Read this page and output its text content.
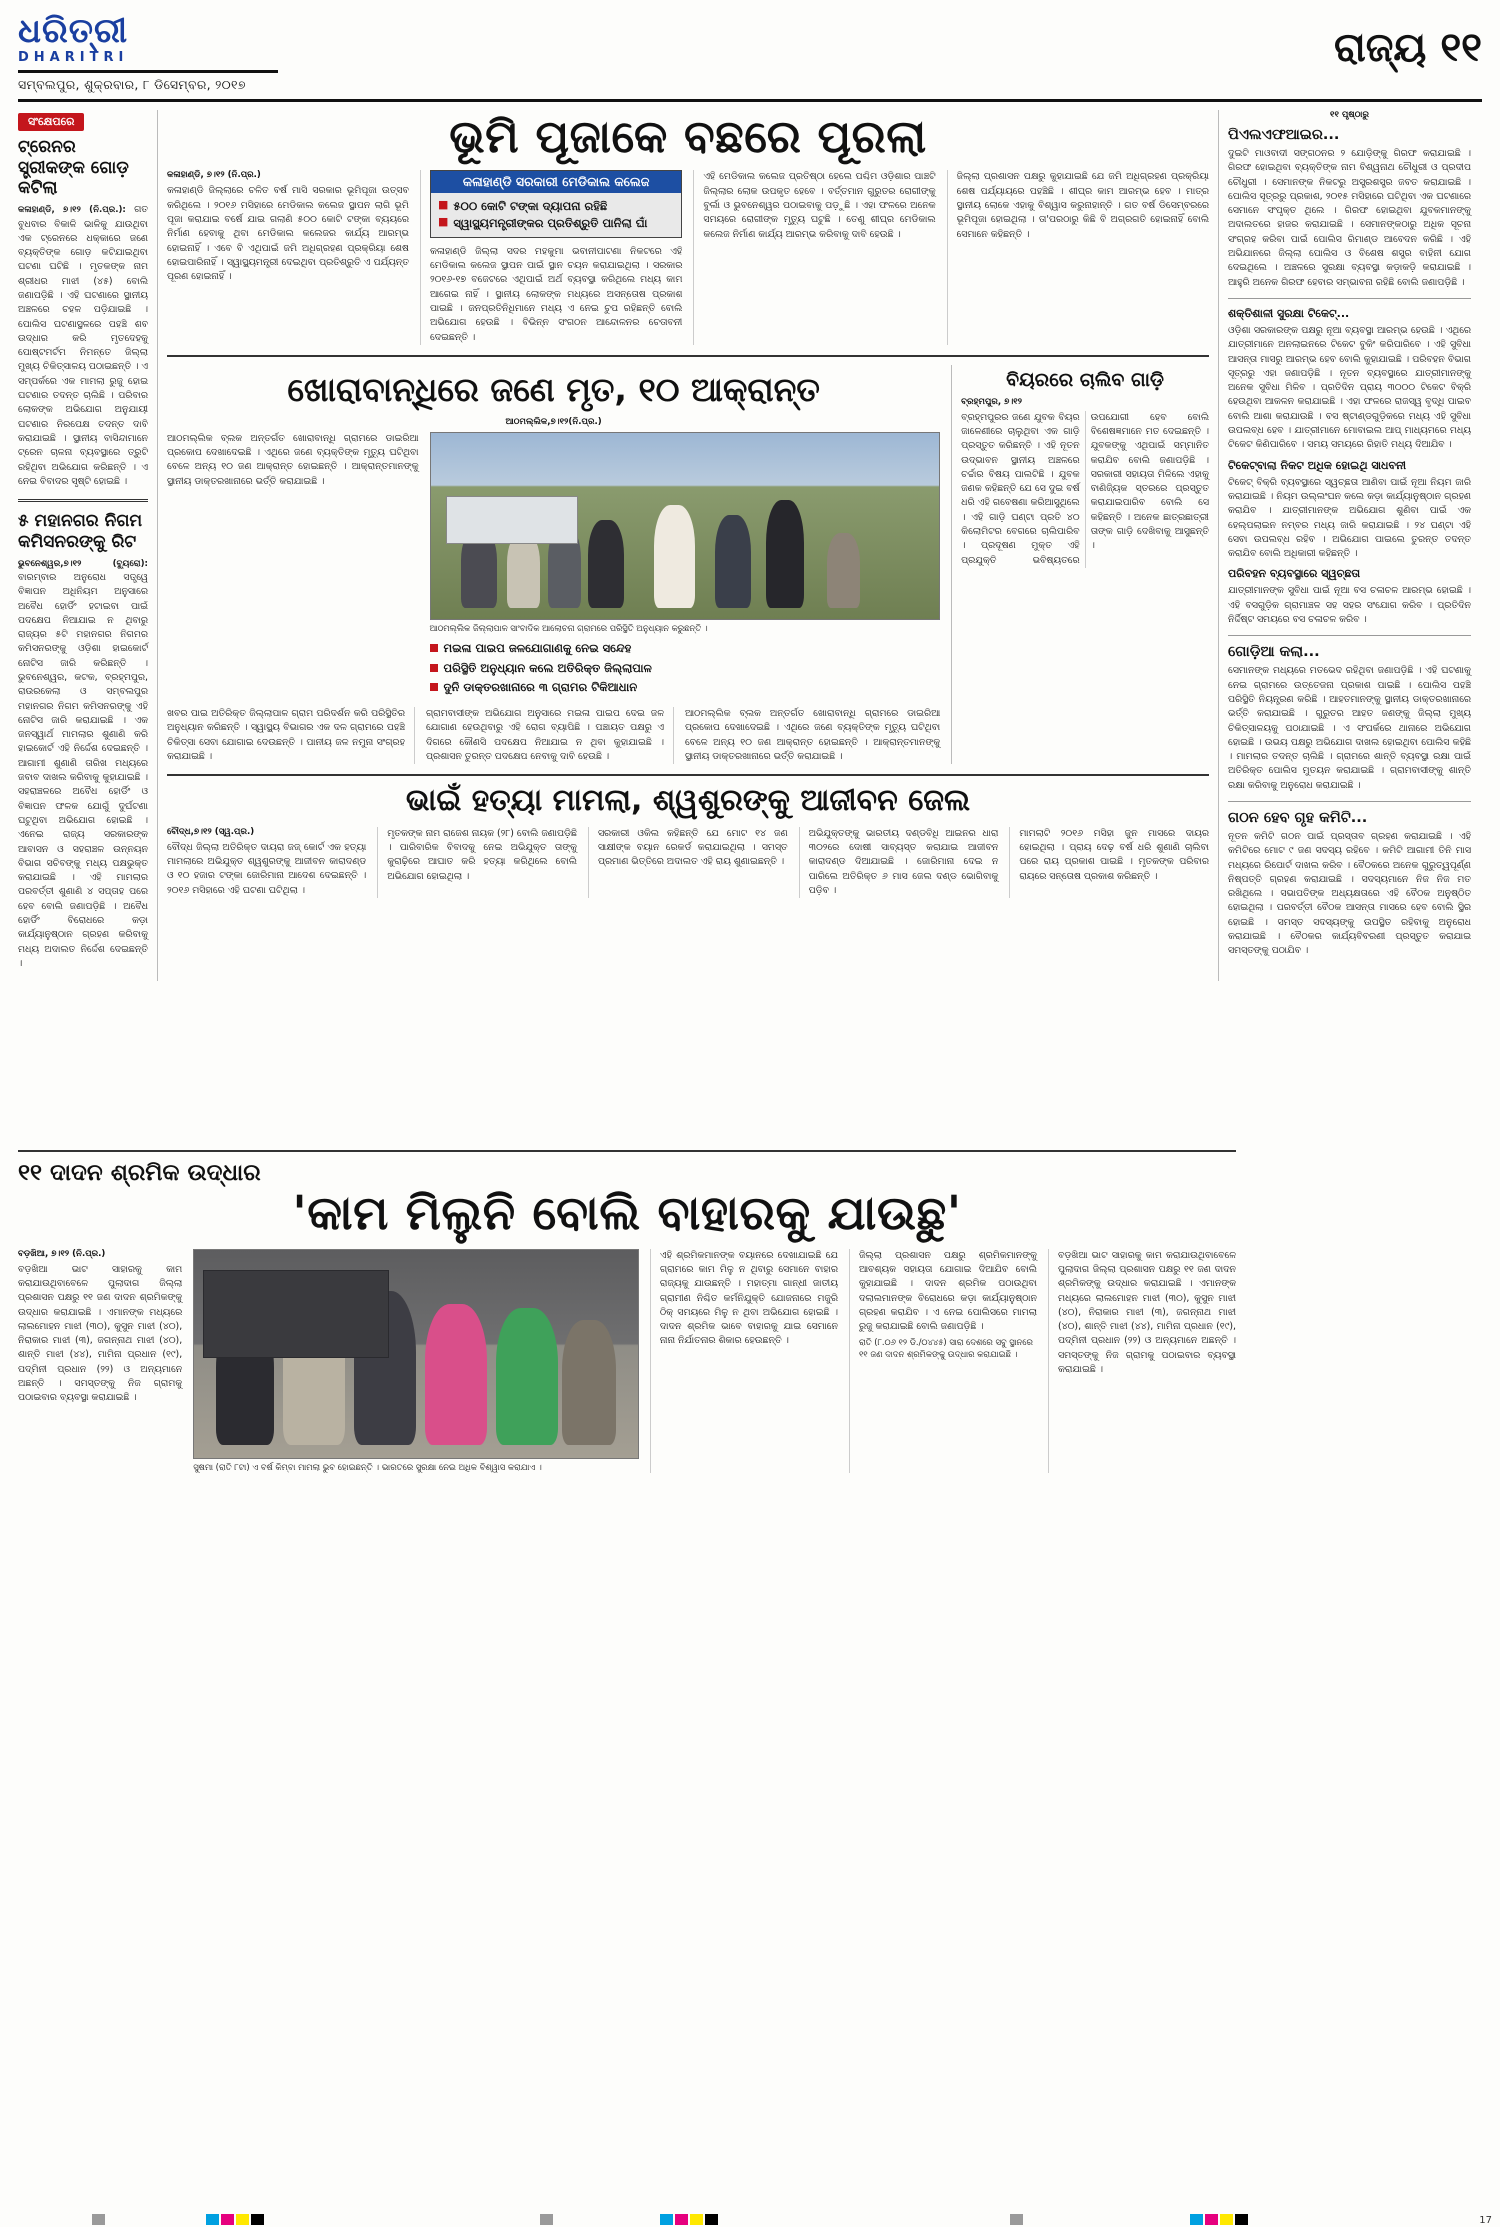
ଧରିତ୍ରୀ
DHARITRI
ସମ୍ବଲପୁର, ଶୁକ୍ରବାର, ୮ ଡିସେମ୍ବର, ୨୦୧୭
ରାଜ୍ୟ ୧୧
ସଂକ୍ଷେପରେ
ଟ୍ରେନର ସ୍ତ୍ରୀକଙ୍କ ଗୋଡ଼ କଟିଲା
କଳାହାଣ୍ଡି, ୭।୧୨ (ନି.ପ୍ର.): ଗତ ବୁଧବାର ବିକାଳି ଭାଳିକୁ ଯାଉଥିବା ଏକ ଟ୍ରେନରେ ଧକ୍କାରେ ଜଣେ ବ୍ୟକ୍ତିଙ୍କ ଗୋଡ଼ କଟିଯାଇଥିବା ଘଟଣା ଘଟିଛି । ମୃତକଙ୍କ ନାମ ଶ୍ରୀଧର ମାଝୀ (୪୫) ବୋଲି ଜଣାପଡ଼ିଛି । ଏହି ଘଟଣାରେ ସ୍ଥାନୀୟ ଅଞ୍ଚଳରେ ଚହଳ ପଡ଼ିଯାଇଛି । ପୋଲିସ ଘଟଣାସ୍ଥଳରେ ପହଞ୍ଚି ଶବ ଉଦ୍ଧାର କରି ମୃତଦେହକୁ ପୋଷ୍ଟମର୍ଟମ ନିମନ୍ତେ ଜିଲ୍ଲା ମୁଖ୍ୟ ଚିକିତ୍ସାଳୟ ପଠାଇଛନ୍ତି । ଏ ସମ୍ପର୍କରେ ଏକ ମାମଲା ରୁଜୁ ହୋଇ ଘଟଣାର ତଦନ୍ତ ଚାଲିଛି । ପରିବାର ଲୋକଙ୍କ ଅଭିଯୋଗ ଅନୁଯାୟୀ ଘଟଣାର ନିରପେକ୍ଷ ତଦନ୍ତ ଦାବି କରାଯାଇଛି । ସ୍ଥାନୀୟ ବାସିନ୍ଦାମାନେ ଟ୍ରେନ ଚାଳନା ବ୍ୟବସ୍ଥାରେ ତ୍ରୁଟି ରହିଥିବା ଅଭିଯୋଗ କରିଛନ୍ତି । ଏ ନେଇ ବିବାଦର ସୃଷ୍ଟି ହୋଇଛି ।
୫ ମହାନଗର ନିଗମ କମିସନରଙ୍କୁ ରିଟ
ଭୁବନେଶ୍ୱର,୭।୧୨ (ବ୍ୟୁରୋ): ବାରମ୍ବାର ଅନୁରୋଧ ସତ୍ତ୍ୱେ ବିଜ୍ଞାପନ ଅଧିନିୟମ ଅନୁସାରେ ଅବୈଧ ହୋର୍ଡିଂ ହଟାଇବା ପାଇଁ ପଦକ୍ଷେପ ନିଆଯାଇ ନ ଥିବାରୁ ରାଜ୍ୟର ୫ଟି ମହାନଗର ନିଗମର କମିସନରଙ୍କୁ ଓଡ଼ିଶା ହାଇକୋର୍ଟ ନୋଟିସ ଜାରି କରିଛନ୍ତି । ଭୁବନେଶ୍ୱର, କଟକ, ବ୍ରହ୍ମପୁର, ରାଉରକେଲା ଓ ସମ୍ବଲପୁର ମହାନଗର ନିଗମ କମିସନରଙ୍କୁ ଏହି ନୋଟିସ ଜାରି କରାଯାଇଛି । ଏକ ଜନସ୍ୱାର୍ଥ ମାମଲାର ଶୁଣାଣି କରି ହାଇକୋର୍ଟ ଏହି ନିର୍ଦ୍ଦେଶ ଦେଇଛନ୍ତି । ଆଗାମୀ ଶୁଣାଣି ତାରିଖ ମଧ୍ୟରେ ଜବାବ ଦାଖଲ କରିବାକୁ କୁହାଯାଇଛି । ସହରାଞ୍ଚଳରେ ଅବୈଧ ହୋର୍ଡିଂ ଓ ବିଜ୍ଞାପନ ଫଳକ ଯୋଗୁଁ ଦୁର୍ଘଟଣା ଘଟୁଥିବା ଅଭିଯୋଗ ହୋଇଛି । ଏନେଇ ରାଜ୍ୟ ସରକାରଙ୍କ ଆବାସନ ଓ ସହରାଞ୍ଚଳ ଉନ୍ନୟନ ବିଭାଗ ସଚିବଙ୍କୁ ମଧ୍ୟ ପକ୍ଷଭୁକ୍ତ କରାଯାଇଛି । ଏହି ମାମଲାର ପରବର୍ତ୍ତୀ ଶୁଣାଣି ୪ ସପ୍ତାହ ପରେ ହେବ ବୋଲି ଜଣାପଡ଼ିଛି । ଅବୈଧ ହୋର୍ଡିଂ ବିରୋଧରେ କଡ଼ା କାର୍ଯ୍ୟାନୁଷ୍ଠାନ ଗ୍ରହଣ କରିବାକୁ ମଧ୍ୟ ଅଦାଲତ ନିର୍ଦ୍ଦେଶ ଦେଇଛନ୍ତି ।
ଭୂମି ପୂଜାକେ ବଛରେ ପୂରଲା
କଳାହାଣ୍ଡି, ୭।୧୨ (ନି.ପ୍ର.)
କଳାହାଣ୍ଡି ଜିଲ୍ଲାରେ ଚଳିତ ବର୍ଷ ମାସି ସରକାର ଭୂମିପୂଜା ଉତ୍ସବ କରିଥିଲେ । ୨୦୧୬ ମସିହାରେ ମେଡିକାଲ କଲେଜ ସ୍ଥାପନ ଲାଗି ଭୂମି ପୂଜା କରାଯାଇ ବର୍ଷେ ଯାଇ ଗଲାଣି ୫୦୦ କୋଟି ଟଙ୍କା ବ୍ୟୟରେ ନିର୍ମାଣ ହେବାକୁ ଥିବା ମେଡିକାଲ କଲେଜର କାର୍ଯ୍ୟ ଆରମ୍ଭ ହୋଇନାହିଁ । ଏବେ ବି ଏଥିପାଇଁ ଜମି ଅଧିଗ୍ରହଣ ପ୍ରକ୍ରିୟା ଶେଷ ହୋଇପାରିନାହିଁ । ସ୍ୱାସ୍ଥ୍ୟମନ୍ତ୍ରୀ ଦେଇଥିବା ପ୍ରତିଶ୍ରୁତି ଏ ପର୍ଯ୍ୟନ୍ତ ପୂରଣ ହୋଇନାହିଁ ।
କଳାହାଣ୍ଡି ସରକାରୀ ମେଡିକାଲ କଲେଜ
■ ୫୦୦ କୋଟି ଟଙ୍କା ଦ୍ୟାପନା ରହିଛି
■ ସ୍ୱାସ୍ଥ୍ୟମନ୍ତ୍ରୀଙ୍କର ପ୍ରତିଶ୍ରୁତି ପାନିଲା ଘାଁ
କଳାହାଣ୍ଡି ଜିଲ୍ଲା ସଦର ମହକୁମା ଭବାନୀପାଟଣା ନିକଟରେ ଏହି ମେଡିକାଲ କଲେଜ ସ୍ଥାପନ ପାଇଁ ସ୍ଥାନ ଚୟନ କରାଯାଇଥିଲା । ସରକାର ୨୦୧୬-୧୭ ବଜେଟରେ ଏଥିପାଇଁ ଅର୍ଥ ବ୍ୟବସ୍ଥା କରିଥିଲେ ମଧ୍ୟ କାମ ଆଗେଇ ନାହିଁ । ସ୍ଥାନୀୟ ଲୋକଙ୍କ ମଧ୍ୟରେ ଅସନ୍ତୋଷ ପ୍ରକାଶ ପାଇଛି । ଜନପ୍ରତିନିଧିମାନେ ମଧ୍ୟ ଏ ନେଇ ଚୁପ ରହିଛନ୍ତି ବୋଲି ଅଭିଯୋଗ ହେଉଛି । ବିଭିନ୍ନ ସଂଗଠନ ଆନ୍ଦୋଳନର ଚେତାବନୀ ଦେଇଛନ୍ତି ।
ଏହି ମେଡିକାଲ କଲେଜ ପ୍ରତିଷ୍ଠା ହେଲେ ପଶ୍ଚିମ ଓଡ଼ିଶାର ପାଞ୍ଚଟି ଜିଲ୍ଲାର ଲୋକ ଉପକୃତ ହେବେ । ବର୍ତ୍ତମାନ ଗୁରୁତର ରୋଗୀଙ୍କୁ ବୁର୍ଲା ଓ ଭୁବନେଶ୍ୱର ପଠାଇବାକୁ ପଡ଼ୁଛି । ଏହା ଫଳରେ ଅନେକ ସମୟରେ ରୋଗୀଙ୍କ ମୃତ୍ୟୁ ଘଟୁଛି । ତେଣୁ ଶୀଘ୍ର ମେଡିକାଲ କଲେଜ ନିର୍ମାଣ କାର୍ଯ୍ୟ ଆରମ୍ଭ କରିବାକୁ ଦାବି ହେଉଛି ।
ଜିଲ୍ଲା ପ୍ରଶାସନ ପକ୍ଷରୁ କୁହାଯାଇଛି ଯେ ଜମି ଅଧିଗ୍ରହଣ ପ୍ରକ୍ରିୟା ଶେଷ ପର୍ଯ୍ୟାୟରେ ପହଞ୍ଚିଛି । ଶୀଘ୍ର କାମ ଆରମ୍ଭ ହେବ । ମାତ୍ର ସ୍ଥାନୀୟ ଲୋକେ ଏହାକୁ ବିଶ୍ୱାସ କରୁନାହାନ୍ତି । ଗତ ବର୍ଷ ଡିସେମ୍ବରରେ ଭୂମିପୂଜା ହୋଇଥିଲା । ତା'ପରଠାରୁ କିଛି ବି ଅଗ୍ରଗତି ହୋଇନାହିଁ ବୋଲି ସେମାନେ କହିଛନ୍ତି ।
ଖୋରାବାନ୍ଧିରେ ଜଣେ ମୃତ, ୧୦ ଆକ୍ରାନ୍ତ
ଆଠମଲ୍ଲିକ,୭।୧୨(ନି.ପ୍ର.)
ଆଠମଲ୍ଲିକ ବ୍ଲକ ଅନ୍ତର୍ଗତ ଖୋରାବାନ୍ଧି ଗ୍ରାମରେ ଡାଇରିଆ ପ୍ରକୋପ ଦେଖାଦେଇଛି । ଏଥିରେ ଜଣେ ବ୍ୟକ୍ତିଙ୍କ ମୃତ୍ୟୁ ଘଟିଥିବା ବେଳେ ଅନ୍ୟ ୧୦ ଜଣ ଆକ୍ରାନ୍ତ ହୋଇଛନ୍ତି । ଆକ୍ରାନ୍ତମାନଙ୍କୁ ସ୍ଥାନୀୟ ଡାକ୍ତରଖାନାରେ ଭର୍ତ୍ତି କରାଯାଇଛି ।
ଆଠମଲ୍ଲିକ ଜିଲ୍ଲାପାଳ ସାଂବାଦିକ ଆଲୋଚନା ଗ୍ରାମରେ ପରିସ୍ଥିତି ଅନୁଧ୍ୟାନ କରୁଛନ୍ତି ।
ମଇଳା ପାଇପ ଜଳଯୋଗାଣକୁ ନେଇ ସନ୍ଦେହ
ପରିସ୍ଥିତି ଅନୁଧ୍ୟାନ କଲେ ଅତିରିକ୍ତ ଜିଲ୍ଲାପାଳ
ଦୁନି ଡାକ୍ତରଖାନାରେ ୩ ଗ୍ରାମର ଟିକିଆଧାନ
ଖବର ପାଇ ଅତିରିକ୍ତ ଜିଲ୍ଲାପାଳ ଗ୍ରାମ ପରିଦର୍ଶନ କରି ପରିସ୍ଥିତିର ଅନୁଧ୍ୟାନ କରିଛନ୍ତି । ସ୍ୱାସ୍ଥ୍ୟ ବିଭାଗର ଏକ ଦଳ ଗ୍ରାମରେ ପହଞ୍ଚି ଚିକିତ୍ସା ସେବା ଯୋଗାଇ ଦେଉଛନ୍ତି । ପାନୀୟ ଜଳ ନମୁନା ସଂଗ୍ରହ କରାଯାଇଛି ।
ଗ୍ରାମବାସୀଙ୍କ ଅଭିଯୋଗ ଅନୁସାରେ ମଇଳା ପାଇପ ଦେଇ ଜଳ ଯୋଗାଣ ହେଉଥିବାରୁ ଏହି ରୋଗ ବ୍ୟାପିଛି । ପଞ୍ଚାୟତ ପକ୍ଷରୁ ଏ ଦିଗରେ କୌଣସି ପଦକ୍ଷେପ ନିଆଯାଇ ନ ଥିବା କୁହାଯାଇଛି । ପ୍ରଶାସନ ତୁରନ୍ତ ପଦକ୍ଷେପ ନେବାକୁ ଦାବି ହେଉଛି ।
ଆଠମଲ୍ଲିକ ବ୍ଲକ ଅନ୍ତର୍ଗତ ଖୋରାବାନ୍ଧି ଗ୍ରାମରେ ଡାଇରିଆ ପ୍ରକୋପ ଦେଖାଦେଇଛି । ଏଥିରେ ଜଣେ ବ୍ୟକ୍ତିଙ୍କ ମୃତ୍ୟୁ ଘଟିଥିବା ବେଳେ ଅନ୍ୟ ୧୦ ଜଣ ଆକ୍ରାନ୍ତ ହୋଇଛନ୍ତି । ଆକ୍ରାନ୍ତମାନଙ୍କୁ ସ୍ଥାନୀୟ ଡାକ୍ତରଖାନାରେ ଭର୍ତ୍ତି କରାଯାଇଛି ।
ବିୟରରେ ଚାଲିବ ଗାଡ଼ି
ବ୍ରହ୍ମପୁର, ୭।୧୨
ବ୍ରହ୍ମପୁରର ଜଣେ ଯୁବକ ବିୟର ଜାଳେଣୀରେ ଚାଲୁଥିବା ଏକ ଗାଡ଼ି ପ୍ରସ୍ତୁତ କରିଛନ୍ତି । ଏହି ନୂତନ ଉଦ୍ଭାବନ ସ୍ଥାନୀୟ ଅଞ୍ଚଳରେ ଚର୍ଚ୍ଚାର ବିଷୟ ପାଲଟିଛି । ଯୁବକ ଜଣକ କହିଛନ୍ତି ଯେ ସେ ଦୁଇ ବର୍ଷ ଧରି ଏହି ଗବେଷଣା କରିଆସୁଥିଲେ । ଏହି ଗାଡ଼ି ଘଣ୍ଟା ପ୍ରତି ୪୦ କିଲୋମିଟର ବେଗରେ ଚାଲିପାରିବ । ପ୍ରଦୂଷଣ ମୁକ୍ତ ଏହି ପ୍ରଯୁକ୍ତି ଭବିଷ୍ୟତରେ ଉପଯୋଗୀ ହେବ ବୋଲି ବିଶେଷଜ୍ଞମାନେ ମତ ଦେଇଛନ୍ତି । ଯୁବକଙ୍କୁ ଏଥିପାଇଁ ସମ୍ମାନିତ କରାଯିବ ବୋଲି ଜଣାପଡ଼ିଛି । ସରକାରୀ ସହାୟତା ମିଳିଲେ ଏହାକୁ ବାଣିଜ୍ୟିକ ସ୍ତରରେ ପ୍ରସ୍ତୁତ କରାଯାଇପାରିବ ବୋଲି ସେ କହିଛନ୍ତି । ଅନେକ ଛାତ୍ରଛାତ୍ରୀ ତାଙ୍କ ଗାଡ଼ି ଦେଖିବାକୁ ଆସୁଛନ୍ତି ।
ଭାଇଁ ହତ୍ୟା ମାମଲା, ଶ୍ୱଶୁରଙ୍କୁ ଆଜୀବନ ଜେଲ
ବୌଦ୍ଧ,୭।୧୨ (ସ୍ୱ.ପ୍ର.)
ବୌଦ୍ଧ ଜିଲ୍ଲା ଅତିରିକ୍ତ ଦାୟରା ଜଜ୍ କୋର୍ଟ ଏକ ହତ୍ୟା ମାମଲାରେ ଅଭିଯୁକ୍ତ ଶ୍ୱଶୁରଙ୍କୁ ଆଜୀବନ କାରାଦଣ୍ଡ ଓ ୧୦ ହଜାର ଟଙ୍କା ଜୋରିମାନା ଆଦେଶ ଦେଇଛନ୍ତି । ୨୦୧୬ ମସିହାରେ ଏହି ଘଟଣା ଘଟିଥିଲା ।
ମୃତକଙ୍କ ନାମ ରାଜେଶ ନାୟକ (୨୮) ବୋଲି ଜଣାପଡ଼ିଛି । ପାରିବାରିକ ବିବାଦକୁ ନେଇ ଅଭିଯୁକ୍ତ ତାଙ୍କୁ କୁରାଢ଼ିରେ ଆଘାତ କରି ହତ୍ୟା କରିଥିଲେ ବୋଲି ଅଭିଯୋଗ ହୋଇଥିଲା ।
ସରକାରୀ ଓକିଲ କହିଛନ୍ତି ଯେ ମୋଟ ୧୪ ଜଣ ସାକ୍ଷୀଙ୍କ ବୟାନ ରେକର୍ଡ କରାଯାଇଥିଲା । ସମସ୍ତ ପ୍ରମାଣ ଭିତ୍ତିରେ ଅଦାଲତ ଏହି ରାୟ ଶୁଣାଇଛନ୍ତି ।
ଅଭିଯୁକ୍ତଙ୍କୁ ଭାରତୀୟ ଦଣ୍ଡବିଧି ଆଇନର ଧାରା ୩୦୨ରେ ଦୋଷୀ ସାବ୍ୟସ୍ତ କରାଯାଇ ଆଜୀବନ କାରାଦଣ୍ଡ ଦିଆଯାଇଛି । ଜୋରିମାନା ଦେଇ ନ ପାରିଲେ ଅତିରିକ୍ତ ୬ ମାସ ଜେଲ ଦଣ୍ଡ ଭୋଗିବାକୁ ପଡ଼ିବ ।
ମାମଲାଟି ୨୦୧୬ ମସିହା ଜୁନ ମାସରେ ଦାୟର ହୋଇଥିଲା । ପ୍ରାୟ ଦେଢ଼ ବର୍ଷ ଧରି ଶୁଣାଣି ଚାଲିବା ପରେ ରାୟ ପ୍ରକାଶ ପାଇଛି । ମୃତକଙ୍କ ପରିବାର ରାୟରେ ସନ୍ତୋଷ ପ୍ରକାଶ କରିଛନ୍ତି ।
୧୧ ପୃଷ୍ଠାରୁ
ପିଏଲଏଫଆଇର...
ଦୁଇଟି ମାଓବାଦୀ ସଙ୍ଗଠନର ୨ ଯୋଡ଼ିଙ୍କୁ ଗିରଫ କରାଯାଇଛି । ଗିରଫ ହୋଇଥିବା ବ୍ୟକ୍ତିଙ୍କ ନାମ ବିଶ୍ୱନାଥ ଚୌଧୁରୀ ଓ ପ୍ରଦୀପ ଚୌଧୁରୀ । ସେମାନଙ୍କ ନିକଟରୁ ଅସ୍ତ୍ରଶସ୍ତ୍ର ଜବତ କରାଯାଇଛି । ପୋଲିସ ସୂତ୍ରରୁ ପ୍ରକାଶ, ୨୦୧୫ ମସିହାରେ ଘଟିଥିବା ଏକ ଘଟଣାରେ ସେମାନେ ସଂପୃକ୍ତ ଥିଲେ । ଗିରଫ ହୋଇଥିବା ଯୁବକମାନଙ୍କୁ ଅଦାଲତରେ ହାଜର କରାଯାଇଛି । ସେମାନଙ୍କଠାରୁ ଅଧିକ ସୂଚନା ସଂଗ୍ରହ କରିବା ପାଇଁ ପୋଲିସ ରିମାଣ୍ଡ ଆବେଦନ କରିଛି । ଏହି ଅଭିଯାନରେ ଜିଲ୍ଲା ପୋଲିସ ଓ ବିଶେଷ ଶସ୍ତ୍ର ବାହିନୀ ଯୋଗ ଦେଇଥିଲେ । ଅଞ୍ଚଳରେ ସୁରକ୍ଷା ବ୍ୟବସ୍ଥା କଡ଼ାକଡ଼ି କରାଯାଇଛି । ଆହୁରି ଅନେକ ଗିରଫ ହେବାର ସମ୍ଭାବନା ରହିଛି ବୋଲି ଜଣାପଡ଼ିଛି ।
ଶକ୍ତିଶାଳୀ ସୁରକ୍ଷା ଟିକେଟ୍...
ଓଡ଼ିଶା ସରକାରଙ୍କ ପକ୍ଷରୁ ନୂଆ ବ୍ୟବସ୍ଥା ଆରମ୍ଭ ହେଉଛି । ଏଥିରେ ଯାତ୍ରୀମାନେ ଅନଲାଇନରେ ଟିକେଟ ବୁକିଂ କରିପାରିବେ । ଏହି ସୁବିଧା ଆସନ୍ତା ମାସରୁ ଆରମ୍ଭ ହେବ ବୋଲି କୁହାଯାଇଛି । ପରିବହନ ବିଭାଗ ସୂତ୍ରରୁ ଏହା ଜଣାପଡ଼ିଛି । ନୂତନ ବ୍ୟବସ୍ଥାରେ ଯାତ୍ରୀମାନଙ୍କୁ ଅନେକ ସୁବିଧା ମିଳିବ । ପ୍ରତିଦିନ ପ୍ରାୟ ୩୦୦୦ ଟିକେଟ ବିକ୍ରି ହେଉଥିବା ଆକଳନ କରାଯାଇଛି । ଏହା ଫଳରେ ରାଜସ୍ୱ ବୃଦ୍ଧି ପାଇବ ବୋଲି ଆଶା କରାଯାଉଛି । ବସ ଷ୍ଟାଣ୍ଡଗୁଡ଼ିକରେ ମଧ୍ୟ ଏହି ସୁବିଧା ଉପଲବ୍ଧ ହେବ । ଯାତ୍ରୀମାନେ ମୋବାଇଲ ଆପ୍ ମାଧ୍ୟମରେ ମଧ୍ୟ ଟିକେଟ କିଣିପାରିବେ । ସମୟ ସମୟରେ ରିହାତି ମଧ୍ୟ ଦିଆଯିବ ।
ଟିକେଟ୍‌ବାଲା ନିକଟ ଅଧିକ ହୋଇଥି ସାଧବନୀ
ଟିକେଟ୍ ବିକ୍ରି ବ୍ୟବସ୍ଥାରେ ସ୍ୱଚ୍ଛତା ଆଣିବା ପାଇଁ ନୂଆ ନିୟମ ଜାରି କରାଯାଇଛି । ନିୟମ ଉଲ୍ଲଂଘନ କଲେ କଡ଼ା କାର୍ଯ୍ୟାନୁଷ୍ଠାନ ଗ୍ରହଣ କରାଯିବ । ଯାତ୍ରୀମାନଙ୍କ ଅଭିଯୋଗ ଶୁଣିବା ପାଇଁ ଏକ ହେଲ୍ପଲାଇନ ନମ୍ବର ମଧ୍ୟ ଜାରି କରାଯାଇଛି । ୨୪ ଘଣ୍ଟା ଏହି ସେବା ଉପଲବ୍ଧ ରହିବ । ଅଭିଯୋଗ ପାଇଲେ ତୁରନ୍ତ ତଦନ୍ତ କରାଯିବ ବୋଲି ଅଧିକାରୀ କହିଛନ୍ତି ।
ପରିବହନ ବ୍ୟବସ୍ଥାରେ ସ୍ୱଚ୍ଛତା
ଯାତ୍ରୀମାନଙ୍କ ସୁବିଧା ପାଇଁ ନୂଆ ବସ ଚଳାଚଳ ଆରମ୍ଭ ହୋଇଛି । ଏହି ବସଗୁଡ଼ିକ ଗ୍ରାମାଞ୍ଚଳ ସହ ସହର ସଂଯୋଗ କରିବ । ପ୍ରତିଦିନ ନିର୍ଦ୍ଦିଷ୍ଟ ସମୟରେ ବସ ଚଳାଚଳ କରିବ ।
ଗୋଡ଼ିଆ କଲା...
ସେମାନଙ୍କ ମଧ୍ୟରେ ମତଭେଦ ରହିଥିବା ଜଣାପଡ଼ିଛି । ଏହି ଘଟଣାକୁ ନେଇ ଗ୍ରାମରେ ଉତ୍ତେଜନା ପ୍ରକାଶ ପାଇଛି । ପୋଲିସ ପହଞ୍ଚି ପରିସ୍ଥିତି ନିୟନ୍ତ୍ରଣ କରିଛି । ଆହତମାନଙ୍କୁ ସ୍ଥାନୀୟ ଡାକ୍ତରଖାନାରେ ଭର୍ତ୍ତି କରାଯାଇଛି । ଗୁରୁତର ଆହତ ଜଣଙ୍କୁ ଜିଲ୍ଲା ମୁଖ୍ୟ ଚିକିତ୍ସାଳୟକୁ ପଠାଯାଇଛି । ଏ ସଂପର୍କରେ ଥାନାରେ ଅଭିଯୋଗ ହୋଇଛି । ଉଭୟ ପକ୍ଷରୁ ଅଭିଯୋଗ ଦାଖଲ ହୋଇଥିବା ପୋଲିସ କହିଛି । ମାମଲାର ତଦନ୍ତ ଚାଲିଛି । ଗ୍ରାମରେ ଶାନ୍ତି ବ୍ୟବସ୍ଥା ରକ୍ଷା ପାଇଁ ଅତିରିକ୍ତ ପୋଲିସ ମୁତୟନ କରାଯାଇଛି । ଗ୍ରାମବାସୀଙ୍କୁ ଶାନ୍ତି ରକ୍ଷା କରିବାକୁ ଅନୁରୋଧ କରାଯାଇଛି ।
ଗଠନ ହେବ ଗୃହ କମିଟି...
ନୂତନ କମିଟି ଗଠନ ପାଇଁ ପ୍ରସ୍ତାବ ଗ୍ରହଣ କରାଯାଇଛି । ଏହି କମିଟିରେ ମୋଟ ୯ ଜଣ ସଦସ୍ୟ ରହିବେ । କମିଟି ଆଗାମୀ ତିନି ମାସ ମଧ୍ୟରେ ରିପୋର୍ଟ ଦାଖଲ କରିବ । ବୈଠକରେ ଅନେକ ଗୁରୁତ୍ୱପୂର୍ଣ୍ଣ ନିଷ୍ପତ୍ତି ଗ୍ରହଣ କରାଯାଇଛି । ସଦସ୍ୟମାନେ ନିଜ ନିଜ ମତ ରଖିଥିଲେ । ସଭାପତିଙ୍କ ଅଧ୍ୟକ୍ଷତାରେ ଏହି ବୈଠକ ଅନୁଷ୍ଠିତ ହୋଇଥିଲା । ପରବର୍ତ୍ତୀ ବୈଠକ ଆସନ୍ତା ମାସରେ ହେବ ବୋଲି ସ୍ଥିର ହୋଇଛି । ସମସ୍ତ ସଦସ୍ୟଙ୍କୁ ଉପସ୍ଥିତ ରହିବାକୁ ଅନୁରୋଧ କରାଯାଇଛି । ବୈଠକର କାର୍ଯ୍ୟବିବରଣୀ ପ୍ରସ୍ତୁତ କରାଯାଇ ସମସ୍ତଙ୍କୁ ପଠାଯିବ ।
୧୧ ଦାଦନ ଶ୍ରମିକ ଉଦ୍ଧାର
'କାମ ମିଲୁନି ବୋଲି ବାହାରକୁ ଯାଉଛୁ'
ବଡ଼ଖିଆ, ୭।୧୨ (ନି.ପ୍ର.)
ବଡ଼ଖିଆ ଭାଟ ସାହାରକୁ କାମ କରାଯାଉଥିବାବେଳେ ପୁଲାଦାଗ ଜିଲ୍ଲା ପ୍ରଶାସନ ପକ୍ଷରୁ ୧୧ ଜଣ ଦାଦନ ଶ୍ରମିକଙ୍କୁ ଉଦ୍ଧାର କରାଯାଇଛି । ଏମାନଙ୍କ ମଧ୍ୟରେ ଲାଲମୋହନ ମାଝୀ (୩୦), କୁସୁନ ମାଝୀ (୪୦), ନିରାକାର ମାଝୀ (୩), ଜଗନ୍ନାଥ ମାଝୀ (୪୦), ଶାନ୍ତି ମାଝୀ (୪୪), ମାମିନା ପ୍ରଧାନ (୧୯), ପଦ୍ମିନୀ ପ୍ରଧାନ (୨୨) ଓ ଅନ୍ୟମାନେ ଅଛନ୍ତି । ସମସ୍ତଙ୍କୁ ନିଜ ଗ୍ରାମକୁ ପଠାଇବାର ବ୍ୟବସ୍ଥା କରାଯାଇଛି ।
ସୁଷମା (ରାତି ୮ଟା) ଏ ବର୍ଷ କିମ୍ବା ମାମଲା ଭୁବ ହୋଇଛନ୍ତି । ଭାରତରେ ସୁରକ୍ଷା ନେଇ ଅଧିକ ବିଶ୍ୱାସ କରାଯାଏ ।
ଏହି ଶ୍ରମିକମାନଙ୍କ ବୟାନରେ ଦେଖାଯାଇଛି ଯେ ଗ୍ରାମରେ କାମ ମିଳୁ ନ ଥିବାରୁ ସେମାନେ ବାହାର ରାଜ୍ୟକୁ ଯାଉଛନ୍ତି । ମହାତ୍ମା ଗାନ୍ଧୀ ଜାତୀୟ ଗ୍ରାମୀଣ ନିଶ୍ଚିତ କର୍ମନିଯୁକ୍ତି ଯୋଜନାରେ ମଜୁରି ଠିକ୍ ସମୟରେ ମିଳୁ ନ ଥିବା ଅଭିଯୋଗ ହୋଇଛି । ଦାଦନ ଶ୍ରମିକ ଭାବେ ବାହାରକୁ ଯାଇ ସେମାନେ ନାନା ନିର୍ଯାତନାର ଶିକାର ହେଉଛନ୍ତି ।
ଜିଲ୍ଲା ପ୍ରଶାସନ ପକ୍ଷରୁ ଶ୍ରମିକମାନଙ୍କୁ ଆବଶ୍ୟକ ସହାୟତା ଯୋଗାଇ ଦିଆଯିବ ବୋଲି କୁହାଯାଇଛି । ଦାଦନ ଶ୍ରମିକ ପଠାଉଥିବା ଦଲାଲମାନଙ୍କ ବିରୋଧରେ କଡ଼ା କାର୍ଯ୍ୟାନୁଷ୍ଠାନ ଗ୍ରହଣ କରାଯିବ । ଏ ନେଇ ପୋଲିସରେ ମାମଲା ରୁଜୁ କରାଯାଇଛି ବୋଲି ଜଣାପଡ଼ିଛି ।
ରାତି (୮.୦୬ ୧୨ ଡି./୦୪୪୫) ସାରା ଦେଶରେ ସବୁ ସ୍ଥାନରେ ୧୧ ଜଣ ଦାଦନ ଶ୍ରମିକଙ୍କୁ ଉଦ୍ଧାର କରାଯାଇଛି ।
ବଡ଼ଖିଆ ଭାଟ ସାହାରକୁ କାମ କରାଯାଉଥିବାବେଳେ ପୁଲାଦାଗ ଜିଲ୍ଲା ପ୍ରଶାସନ ପକ୍ଷରୁ ୧୧ ଜଣ ଦାଦନ ଶ୍ରମିକଙ୍କୁ ଉଦ୍ଧାର କରାଯାଇଛି । ଏମାନଙ୍କ ମଧ୍ୟରେ ଲାଲମୋହନ ମାଝୀ (୩୦), କୁସୁନ ମାଝୀ (୪୦), ନିରାକାର ମାଝୀ (୩), ଜଗନ୍ନାଥ ମାଝୀ (୪୦), ଶାନ୍ତି ମାଝୀ (୪୪), ମାମିନା ପ୍ରଧାନ (୧୯), ପଦ୍ମିନୀ ପ୍ରଧାନ (୨୨) ଓ ଅନ୍ୟମାନେ ଅଛନ୍ତି । ସମସ୍ତଙ୍କୁ ନିଜ ଗ୍ରାମକୁ ପଠାଇବାର ବ୍ୟବସ୍ଥା କରାଯାଇଛି ।
17
